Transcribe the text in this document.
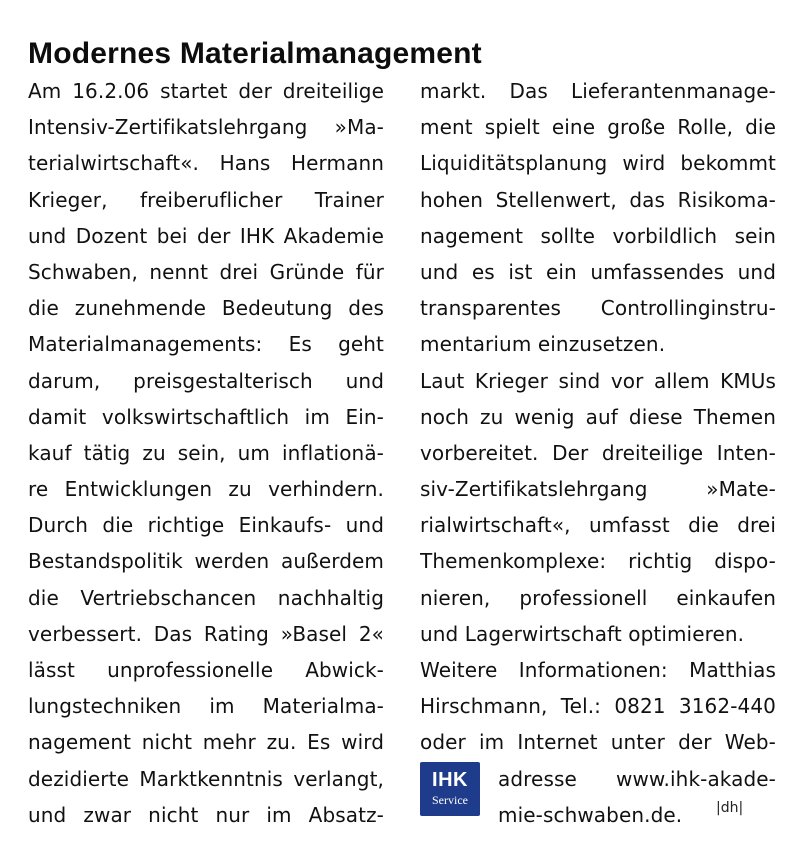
Modernes Materialmanagement
Am 16.2.06 startet der dreiteilige
Intensiv-Zertifikatslehrgang »Ma-
terialwirtschaft«. Hans Hermann
Krieger, freiberuflicher Trainer
und Dozent bei der IHK Akademie
Schwaben, nennt drei Gründe für
die zunehmende Bedeutung des
Materialmanagements: Es geht
darum, preisgestalterisch und
damit volkswirtschaftlich im Ein-
kauf tätig zu sein, um inflationä-
re Entwicklungen zu verhindern.
Durch die richtige Einkaufs- und
Bestandspolitik werden außerdem
die Vertriebschancen nachhaltig
verbessert. Das Rating »Basel 2«
lässt unprofessionelle Abwick-
lungstechniken im Materialma-
nagement nicht mehr zu. Es wird
dezidierte Marktkenntnis verlangt,
und zwar nicht nur im Absatz-
markt. Das Lieferantenmanage-
ment spielt eine große Rolle, die
Liquiditätsplanung wird bekommt
hohen Stellenwert, das Risikoma-
nagement sollte vorbildlich sein
und es ist ein umfassendes und
transparentes Controllinginstru-
mentarium einzusetzen.
Laut Krieger sind vor allem KMUs
noch zu wenig auf diese Themen
vorbereitet. Der dreiteilige Inten-
siv-Zertifikatslehrgang »Mate-
rialwirtschaft«, umfasst die drei
Themenkomplexe: richtig dispo-
nieren, professionell einkaufen
und Lagerwirtschaft optimieren.
Weitere Informationen: Matthias
Hirschmann, Tel.: 0821 3162-440
oder im Internet unter der Web-
adresse www.ihk-akade-
mie-schwaben.de.
IHK
Service	|dh|
